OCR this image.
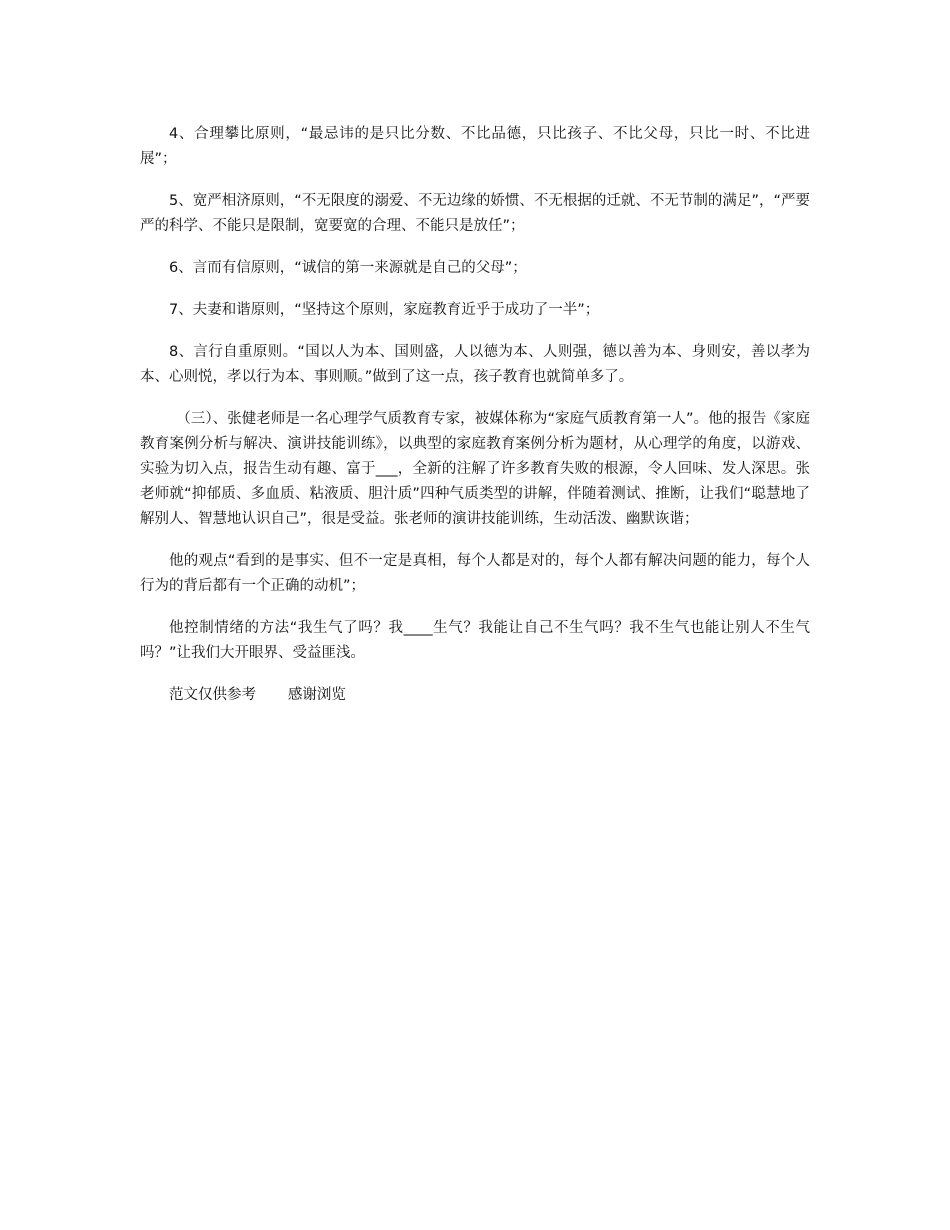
4、合理攀比原则，“最忌讳的是只比分数、不比品德，只比孩子、不比父母，只比一时、不比进展”；

5、宽严相济原则，“不无限度的溺爱、不无边缘的娇惯、不无根据的迁就、不无节制的满足”，“严要严的科学、不能只是限制，宽要宽的合理、不能只是放任”；

6、言而有信原则，“诚信的第一来源就是自己的父母”；

7、夫妻和谐原则，“坚持这个原则，家庭教育近乎于成功了一半”；

8、言行自重原则。“国以人为本、国则盛，人以德为本、人则强，德以善为本、身则安，善以孝为本、心则悦，孝以行为本、事则顺。”做到了这一点，孩子教育也就简单多了。

（三）、张健老师是一名心理学气质教育专家，被媒体称为“家庭气质教育第一人”。他的报告《家庭教育案例分析与解决、演讲技能训练》，以典型的家庭教育案例分析为题材，从心理学的角度，以游戏、实验为切入点，报告生动有趣、富于___，全新的注解了许多教育失败的根源，令人回味、发人深思。张老师就“抑郁质、多血质、粘液质、胆汁质”四种气质类型的讲解，伴随着测试、推断，让我们“聪慧地了解别人、智慧地认识自己”，很是受益。张老师的演讲技能训练，生动活泼、幽默诙谐；

他的观点“看到的是事实、但不一定是真相，每个人都是对的，每个人都有解决问题的能力，每个人行为的背后都有一个正确的动机”；

他控制情绪的方法“我生气了吗？我____生气？我能让自己不生气吗？我不生气也能让别人不生气吗？”让我们大开眼界、受益匪浅。

范文仅供参考 感谢浏览
